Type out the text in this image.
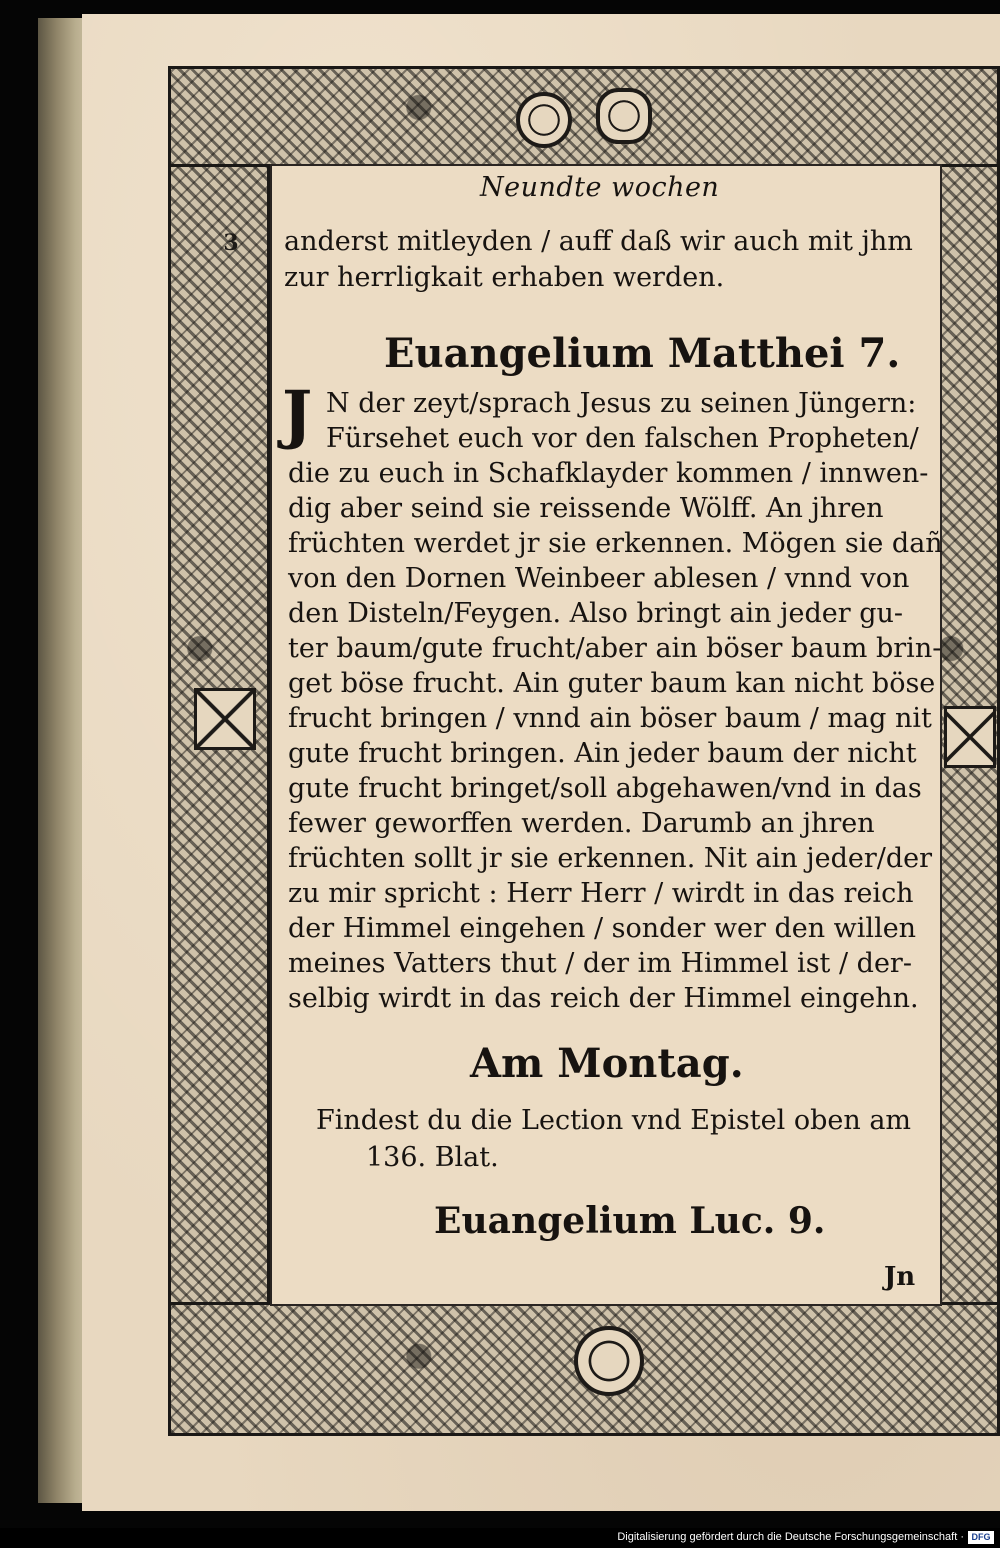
Neundte wochen
3 anderst mitleyden / auff daß wir auch mit jhm
zur herrligkait erhaben werden.
Euangelium Matthei 7.
J N der zeyt/sprach Jesus zu seinen Jüngern:
Fürsehet euch vor den falschen Propheten/
die zu euch in Schafklayder kommen / innwen-
dig aber seind sie reissende Wölff. An jhren
früchten werdet jr sie erkennen. Mögen sie dañ
von den Dornen Weinbeer ablesen / vnnd von
den Disteln/Feygen. Also bringt ain jeder gu-
ter baum/gute frucht/aber ain böser baum brin-
get böse frucht. Ain guter baum kan nicht böse
frucht bringen / vnnd ain böser baum / mag nit
gute frucht bringen. Ain jeder baum der nicht
gute frucht bringet/soll abgehawen/vnd in das
fewer geworffen werden. Darumb an jhren
früchten sollt jr sie erkennen. Nit ain jeder/der
zu mir spricht : Herr Herr / wirdt in das reich
der Himmel eingehen / sonder wer den willen
meines Vatters thut / der im Himmel ist / der-
selbig wirdt in das reich der Himmel eingehn.
Am Montag.
Findest du die Lection vnd Epistel oben am
136. Blat.
Euangelium Luc. 9.
Jn
Digitalisierung gefördert durch die Deutsche Forschungsgemeinschaft · DFG
